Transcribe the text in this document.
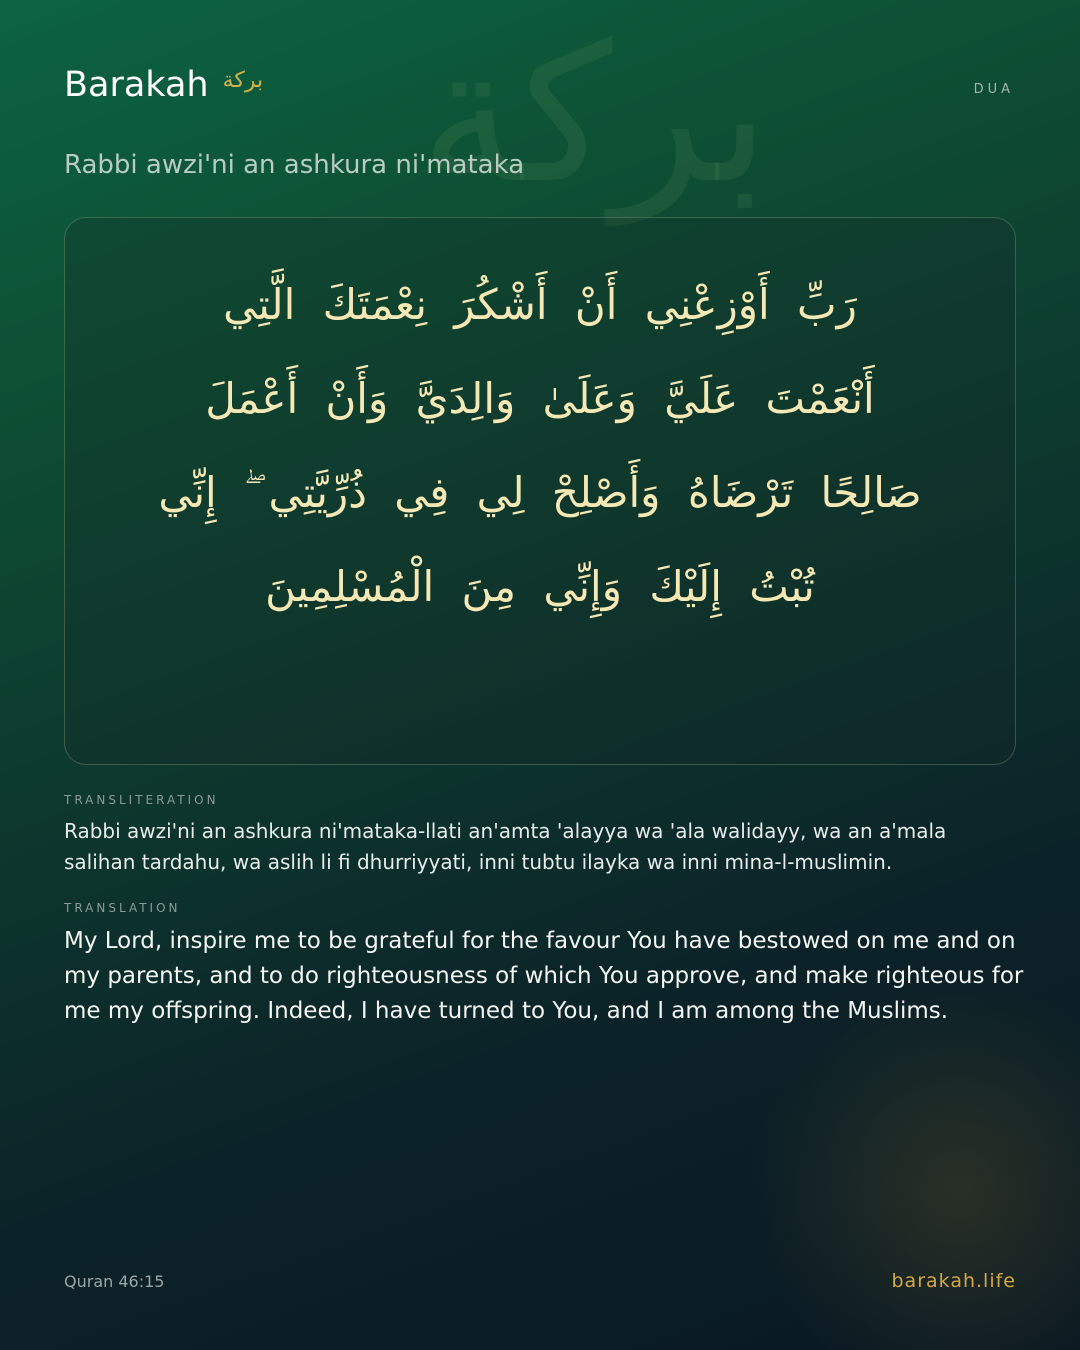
بركة
Barakah بركة	DUA
Rabbi awzi'ni an ashkura ni'mataka
رَبِّ أَوْزِعْنِي أَنْ أَشْكُرَ نِعْمَتَكَ الَّتِي أَنْعَمْتَ عَلَيَّ وَعَلَىٰ وَالِدَيَّ وَأَنْ أَعْمَلَ صَالِحًا تَرْضَاهُ وَأَصْلِحْ لِي فِي ذُرِّيَّتِي ۖ إِنِّي تُبْتُ إِلَيْكَ وَإِنِّي مِنَ الْمُسْلِمِينَ
TRANSLITERATION
Rabbi awzi'ni an ashkura ni'mataka-llati an'amta 'alayya wa 'ala walidayy, wa an a'mala salihan tardahu, wa aslih li fi dhurriyyati, inni tubtu ilayka wa inni mina-l-muslimin.
TRANSLATION
My Lord, inspire me to be grateful for the favour You have bestowed on me and on my parents, and to do righteousness of which You approve, and make righteous for me my offspring. Indeed, I have turned to You, and I am among the Muslims.
Quran 46:15	barakah.life
